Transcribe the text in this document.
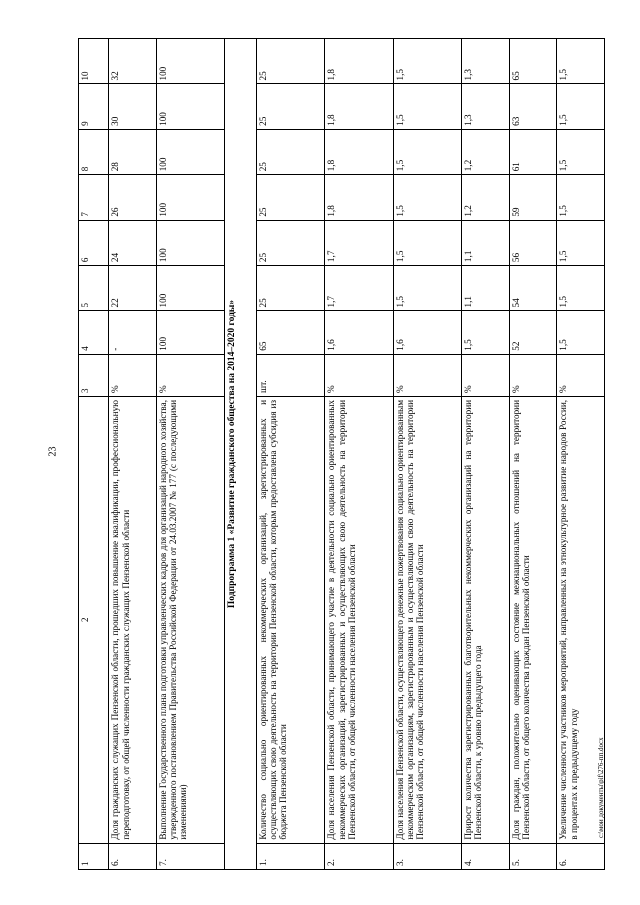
23
1	2	3	4	5	6	7	8	9	10
6.	Доля гражданских служащих Пензенской области, прошедших повышение квалификации, профессиональную переподготовку, от общей численности гражданских служащих Пензенской области	%	-	22	24	26	28	30	32
7.	Выполнение Государственного плана подготовки управленческих кадров для организаций народного хозяйства, утвержденного постановлением Правительства Российской Федерации от 24.03.2007 № 177 (с последующими изменениями)	%	100	100	100	100	100	100	100
Подпрограмма 1 «Развитие гражданского общества на 2014–2020 годы»									
1.	Количество социально ориентированных некоммерческих организаций, зарегистрированных и осуществляющих свою деятельность на территории Пензенской области, которым предоставлена субсидия из бюджета Пензенской области	шт.	65	25	25	25	25	25	25
2.	Доля населения Пензенской области, принимающего участие в деятельности социально ориентированных некоммерческих организаций, зарегистрированных и осуществляющих свою деятельность на территории Пензенской области, от общей численности населения Пензенской области	%	1,6	1,7	1,7	1,8	1,8	1,8	1,8
3.	Доля населения Пензенской области, осуществляющего денежные пожертвования социально ориентированным некоммерческим организациям, зарегистрированным и осуществляющим свою деятельность на территории Пензенской области, от общей численности населения Пензенской области	%	1,6	1,5	1,5	1,5	1,5	1,5	1,5
4.	Прирост количества зарегистрированных благотворительных некоммерческих организаций на территории Пензенской области, к уровню предыдущего года	%	1,5	1,1	1,1	1,2	1,2	1,3	1,3
5.	Доля граждан, положительно оценивающих состояние межнациональных отношений на территории Пензенской области, от общего количества граждан Пензенской области	%	52	54	56	59	61	63	65
6.	Увеличение численности участников мероприятий, направленных на этнокультурное развитие народов России, в процентах к предыдущему году	%	1,5	1,5	1,5	1,5	1,5	1,5	1,5
c:\мои документы\pif\276-пп.docx
